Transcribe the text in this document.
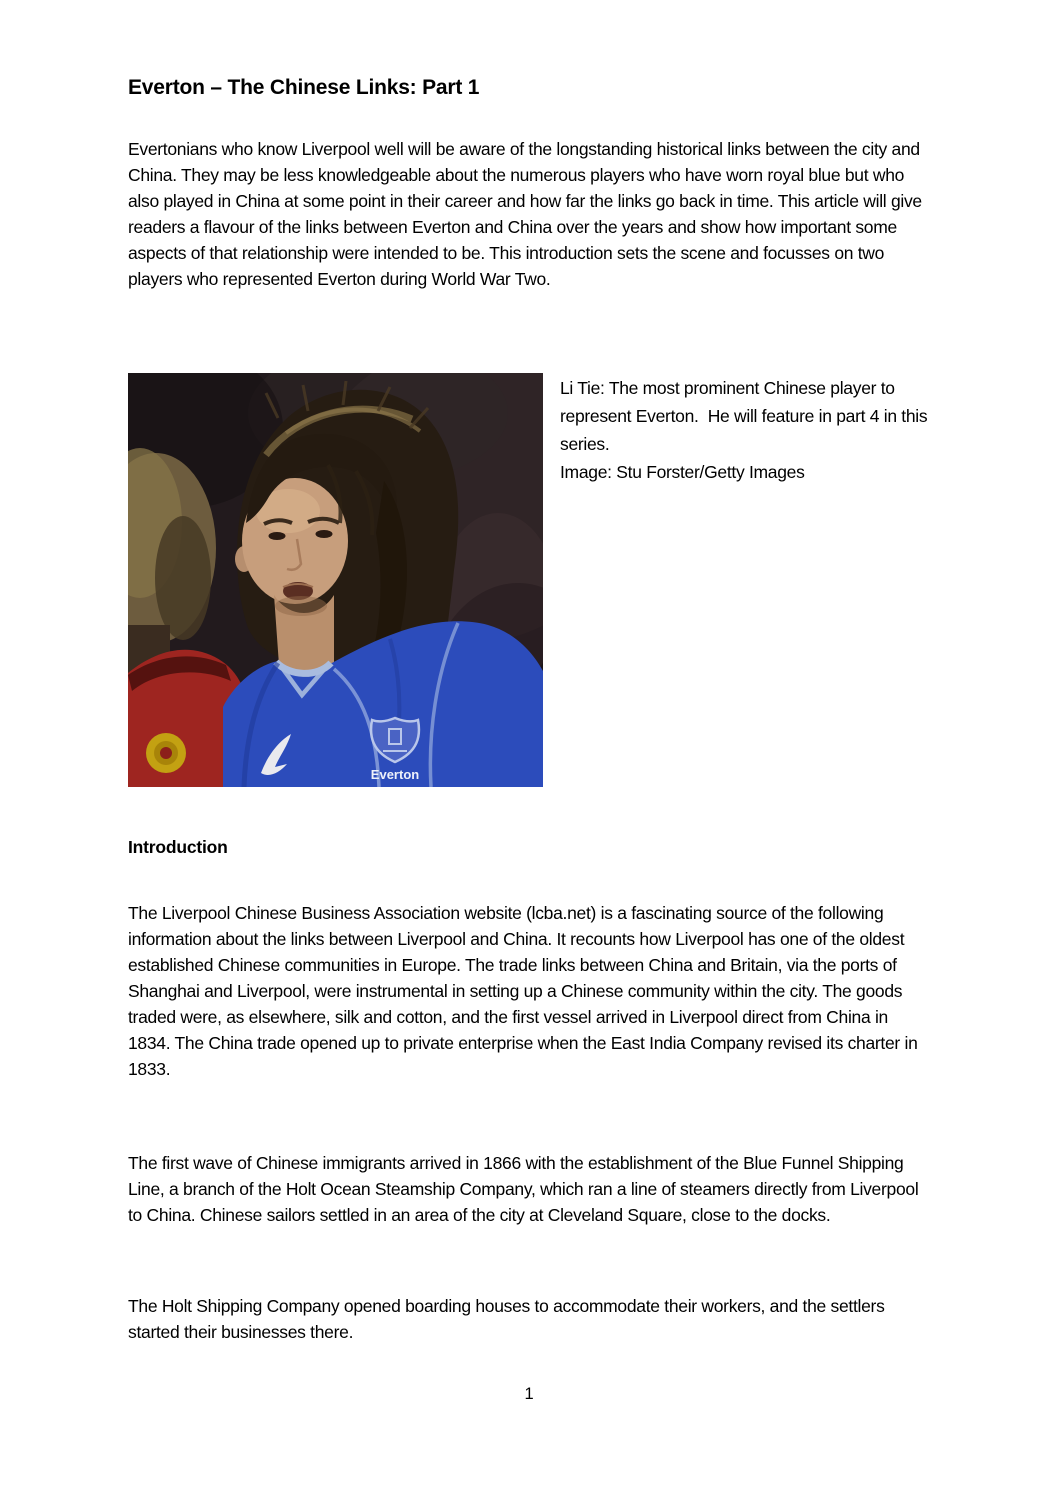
Everton – The Chinese Links: Part 1
Evertonians who know Liverpool well will be aware of the longstanding historical links between the city and China. They may be less knowledgeable about the numerous players who have worn royal blue but who also played in China at some point in their career and how far the links go back in time. This article will give readers a flavour of the links between Everton and China over the years and show how important some aspects of that relationship were intended to be. This introduction sets the scene and focusses on two players who represented Everton during World War Two.
Everton
Li Tie: The most prominent Chinese player to represent Everton.  He will feature in part 4 in this series.
Image: Stu Forster/Getty Images
Introduction
The Liverpool Chinese Business Association website (lcba.net) is a fascinating source of the following information about the links between Liverpool and China. It recounts how Liverpool has one of the oldest established Chinese communities in Europe. The trade links between China and Britain, via the ports of Shanghai and Liverpool, were instrumental in setting up a Chinese community within the city. The goods traded were, as elsewhere, silk and cotton, and the first vessel arrived in Liverpool direct from China in 1834. The China trade opened up to private enterprise when the East India Company revised its charter in 1833.
The first wave of Chinese immigrants arrived in 1866 with the establishment of the Blue Funnel Shipping Line, a branch of the Holt Ocean Steamship Company, which ran a line of steamers directly from Liverpool to China. Chinese sailors settled in an area of the city at Cleveland Square, close to the docks.
The Holt Shipping Company opened boarding houses to accommodate their workers, and the settlers started their businesses there.
1
